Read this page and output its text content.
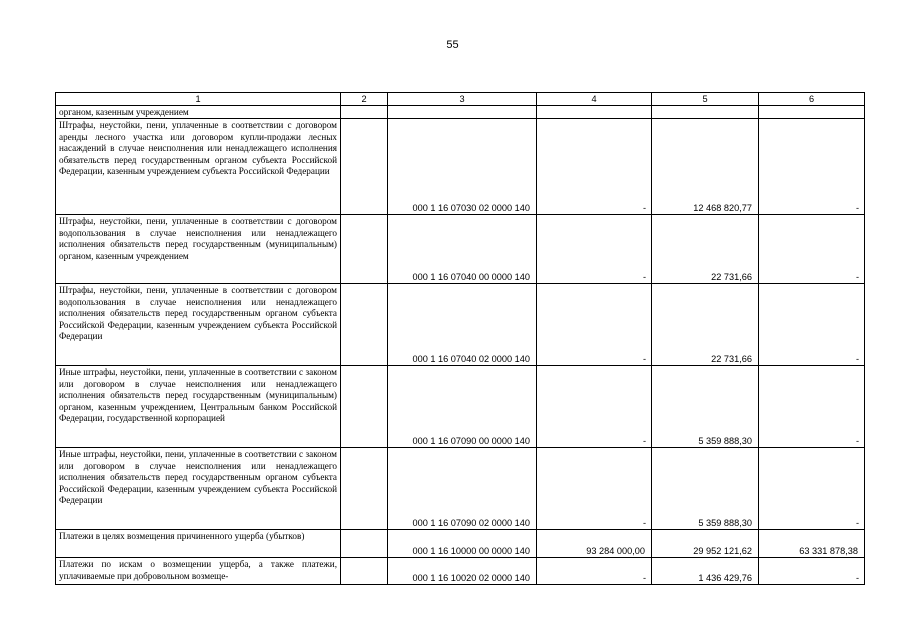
55
1	2	3	4	5	6
органом, казенным учреждением					
Штрафы, неустойки, пени, уплаченные в соответствии с договором аренды лесного участка или договором купли-продажи лесных насаждений в случае неисполнения или ненадлежащего исполнения обязательств перед государственным органом субъекта Российской Федерации, казенным учреждением субъекта Российской Федерации		000 1 16 07030 02 0000 140	-	12 468 820,77	-
Штрафы, неустойки, пени, уплаченные в соответствии с договором водопользования в случае неисполнения или ненадлежащего исполнения обязательств перед государственным (муниципальным) органом, казенным учреждением		000 1 16 07040 00 0000 140	-	22 731,66	-
Штрафы, неустойки, пени, уплаченные в соответствии с договором водопользования в случае неисполнения или ненадлежащего исполнения обязательств перед государственным органом субъекта Российской Федерации, казенным учреждением субъекта Российской Федерации		000 1 16 07040 02 0000 140	-	22 731,66	-
Иные штрафы, неустойки, пени, уплаченные в соответствии с законом или договором в случае неисполнения или ненадлежащего исполнения обязательств перед государственным (муниципальным) органом, казенным учреждением, Центральным банком Российской Федерации, государственной корпорацией		000 1 16 07090 00 0000 140	-	5 359 888,30	-
Иные штрафы, неустойки, пени, уплаченные в соответствии с законом или договором в случае неисполнения или ненадлежащего исполнения обязательств перед государственным органом субъекта Российской Федерации, казенным учреждением субъекта Российской Федерации		000 1 16 07090 02 0000 140	-	5 359 888,30	-
Платежи в целях возмещения причиненного ущерба (убытков)		000 1 16 10000 00 0000 140	93 284 000,00	29 952 121,62	63 331 878,38
Платежи по искам о возмещении ущерба, а также платежи, уплачиваемые при добровольном возмеще-		000 1 16 10020 02 0000 140	-	1 436 429,76	-
